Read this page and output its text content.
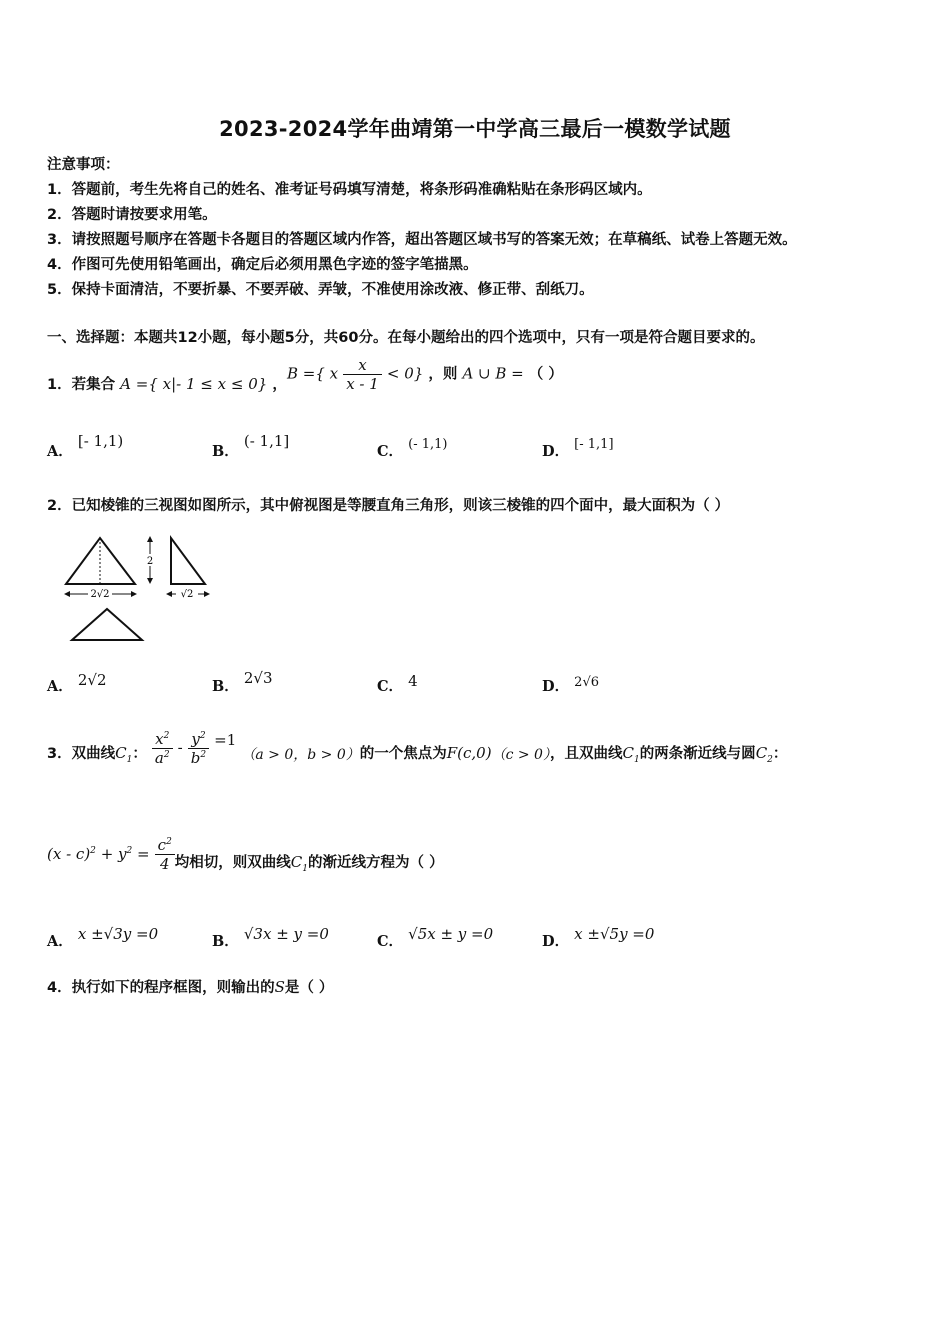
2023-2024学年曲靖第一中学高三最后一模数学试题
注意事项：
1．答题前，考生先将自己的姓名、准考证号码填写清楚，将条形码准确粘贴在条形码区域内。
2．答题时请按要求用笔。
3．请按照题号顺序在答题卡各题目的答题区域内作答，超出答题区域书写的答案无效；在草稿纸、试卷上答题无效。
4．作图可先使用铅笔画出，确定后必须用黑色字迹的签字笔描黑。
5．保持卡面清洁，不要折暴、不要弄破、弄皱，不准使用涂改液、修正带、刮纸刀。
一、选择题：本题共12小题，每小题5分，共60分。在每小题给出的四个选项中，只有一项是符合题目要求的。
1．若集合 A ={ x|- 1 ≤ x ≤ 0} ，
B ={ x $\frac{x}{x - 1} < 0$} ，则 A ∪ B = （ ）
A． [- 1,1)
B． (- 1,1]
C． $^{(- 1,1)}$	D． [- 1,1]
2．已知棱锥的三视图如图所示，其中俯视图是等腰直角三角形，则该三棱锥的四个面中，最大面积为（ ）
2√2
2
√2
A． 2√2	B． 2√3	C． 4	D． $^{2√6}$
3．双曲线$C_1$： $\frac{x^2}{a^2} - \frac{y^2}{b^2} =1$ （a > 0，b > 0）的一个焦点为F(c,0)（c > 0），且双曲线$C_1$的两条渐近线与圆$C_2$：
$(x - c)^2 + y^2 = \frac{c^2}{4}$ 均相切，则双曲线$C_1$的渐近线方程为（ ）
A． x ±√3y =0	B． √3x ± y =0	C． √5x ± y =0	D． x ±√5y =0
4．执行如下的程序框图，则输出的S是（ ）
